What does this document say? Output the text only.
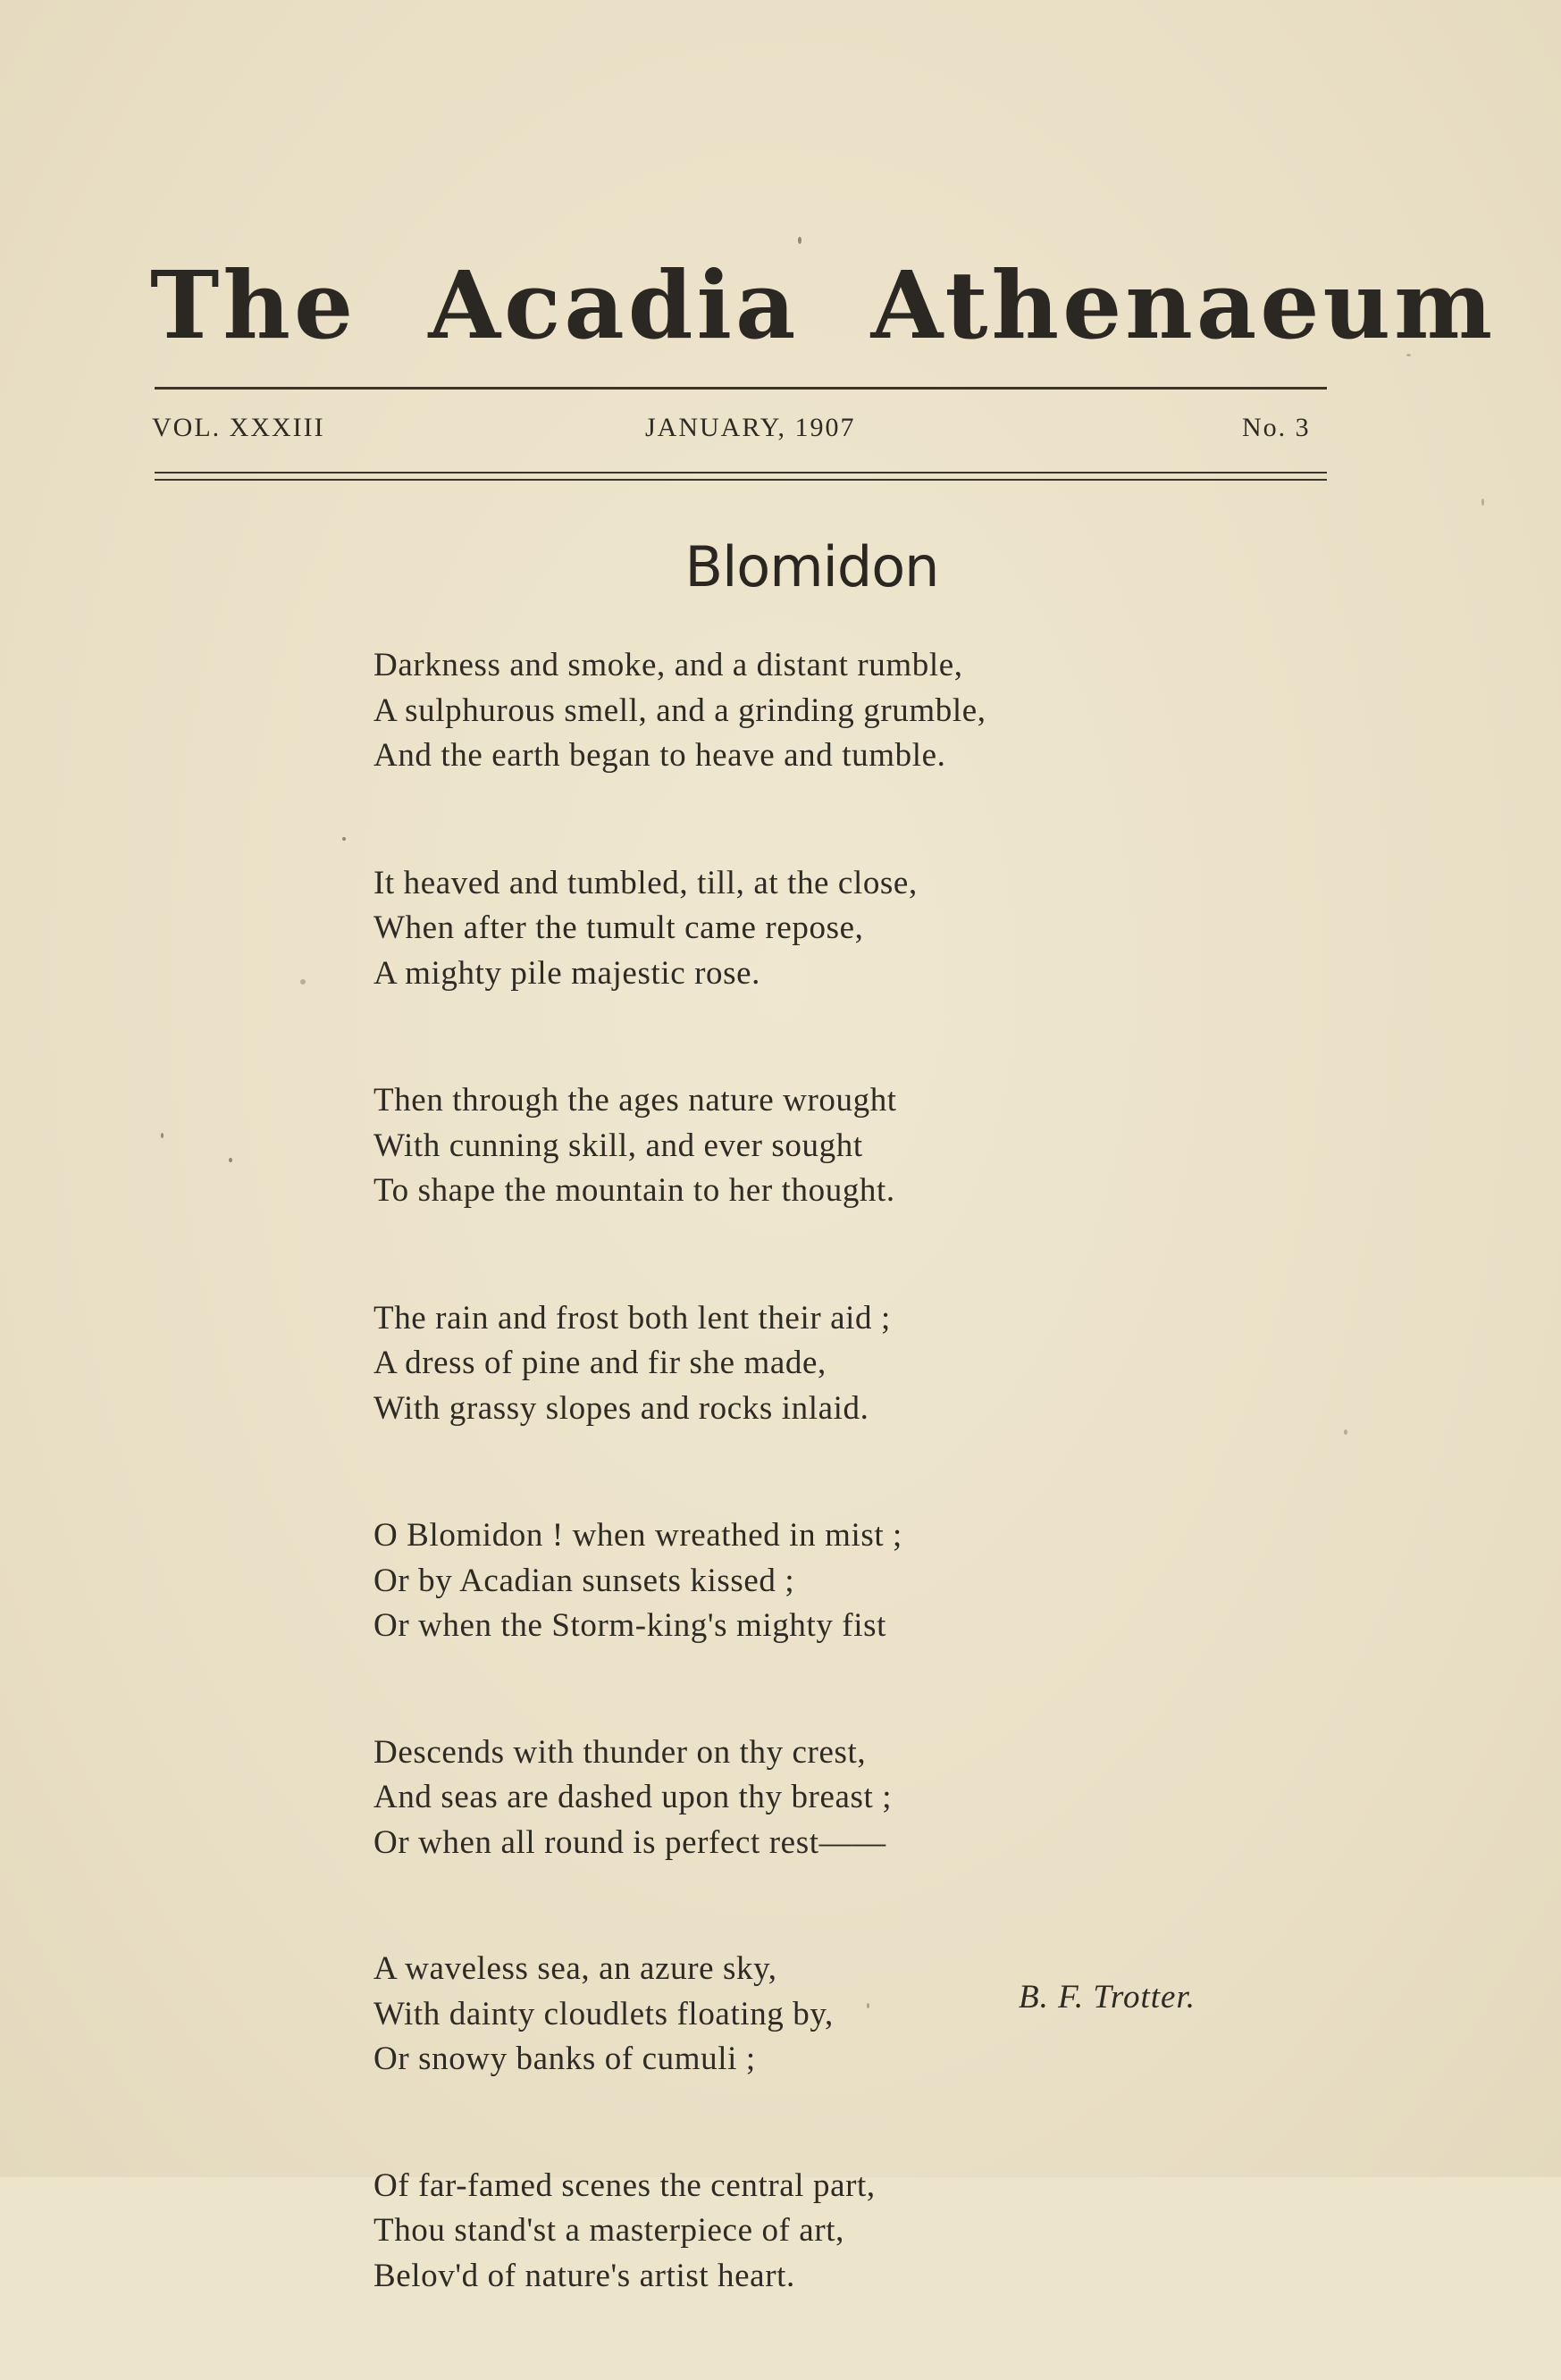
The Acadia Athenaeum
VOL. XXXIII	JANUARY, 1907	No. 3
Blomidon
Darkness and smoke, and a distant rumble,
A sulphurous smell, and a grinding grumble,
And the earth began to heave and tumble.
It heaved and tumbled, till, at the close,
When after the tumult came repose,
A mighty pile majestic rose.
Then through the ages nature wrought
With cunning skill, and ever sought
To shape the mountain to her thought.
The rain and frost both lent their aid ;
A dress of pine and fir she made,
With grassy slopes and rocks inlaid.
O Blomidon ! when wreathed in mist ;
Or by Acadian sunsets kissed ;
Or when the Storm-king's mighty fist
Descends with thunder on thy crest,
And seas are dashed upon thy breast ;
Or when all round is perfect rest——
A waveless sea, an azure sky,
With dainty cloudlets floating by,
Or snowy banks of cumuli ;
Of far-famed scenes the central part,
Thou stand'st a masterpiece of art,
Belov'd of nature's artist heart.
B. F. Trotter.
